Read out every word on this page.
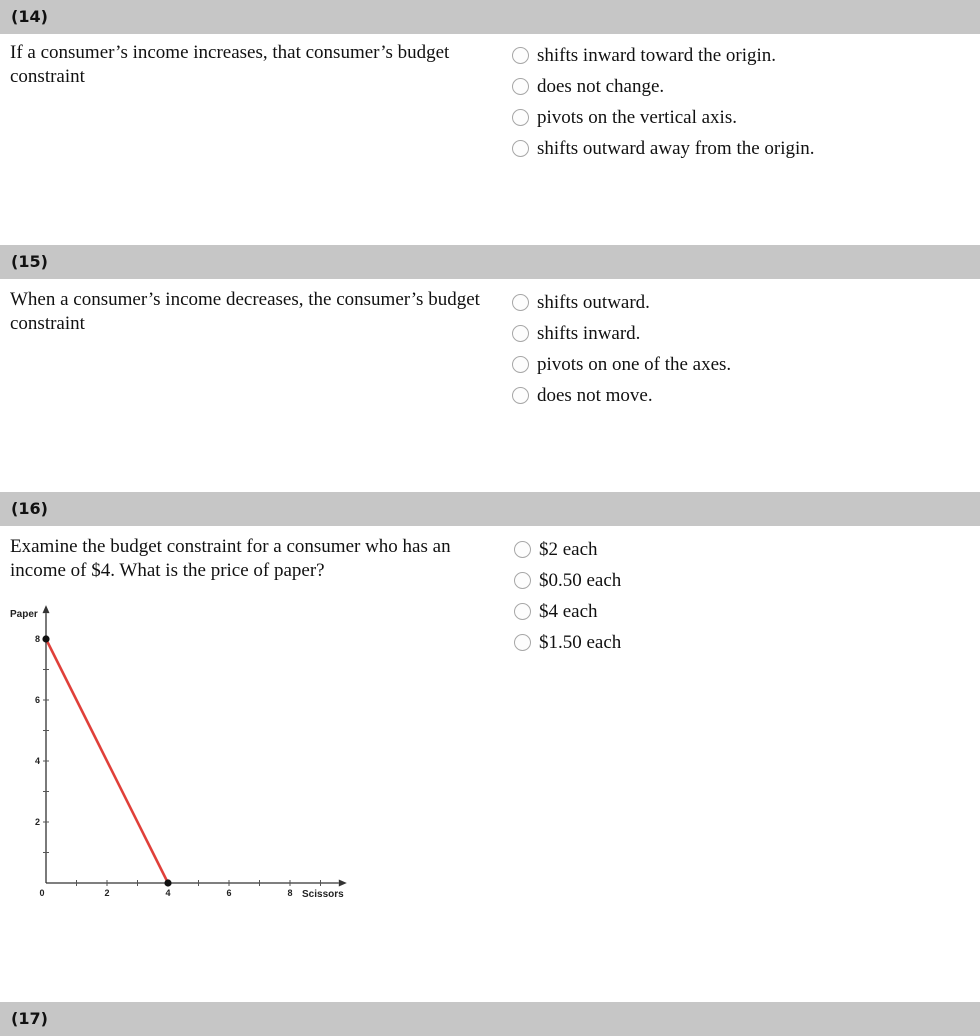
(14)
If a consumer’s income increases, that consumer’s budget constraint
shifts inward toward the origin.
does not change.
pivots on the vertical axis.
shifts outward away from the origin.
(15)
When a consumer’s income decreases, the consumer’s budget constraint
shifts outward.
shifts inward.
pivots on one of the axes.
does not move.
(16)
Examine the budget constraint for a consumer who has an income of $4. What is the price of paper?
$2 each
$0.50 each
$4 each
$1.50 each
0	2	4	6	8
2
4
6
8
Paper
Scissors
(17)
